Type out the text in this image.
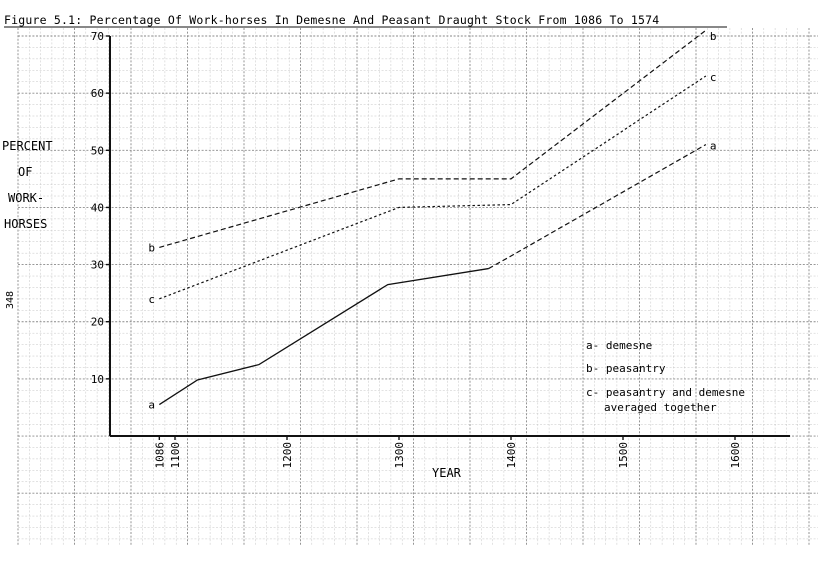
10
20
30
40
50
60
70
1086 1100	1200	1300	1400	1500	1600
a
a
b
b
c
c
Figure 5.1: Percentage Of Work-horses In Demesne And Peasant Draught Stock From 1086 To 1574
YEAR
PERCENT
OF
WORK-
HORSES
348
a- demesne
b- peasantry
c- peasantry and demesne
averaged together
